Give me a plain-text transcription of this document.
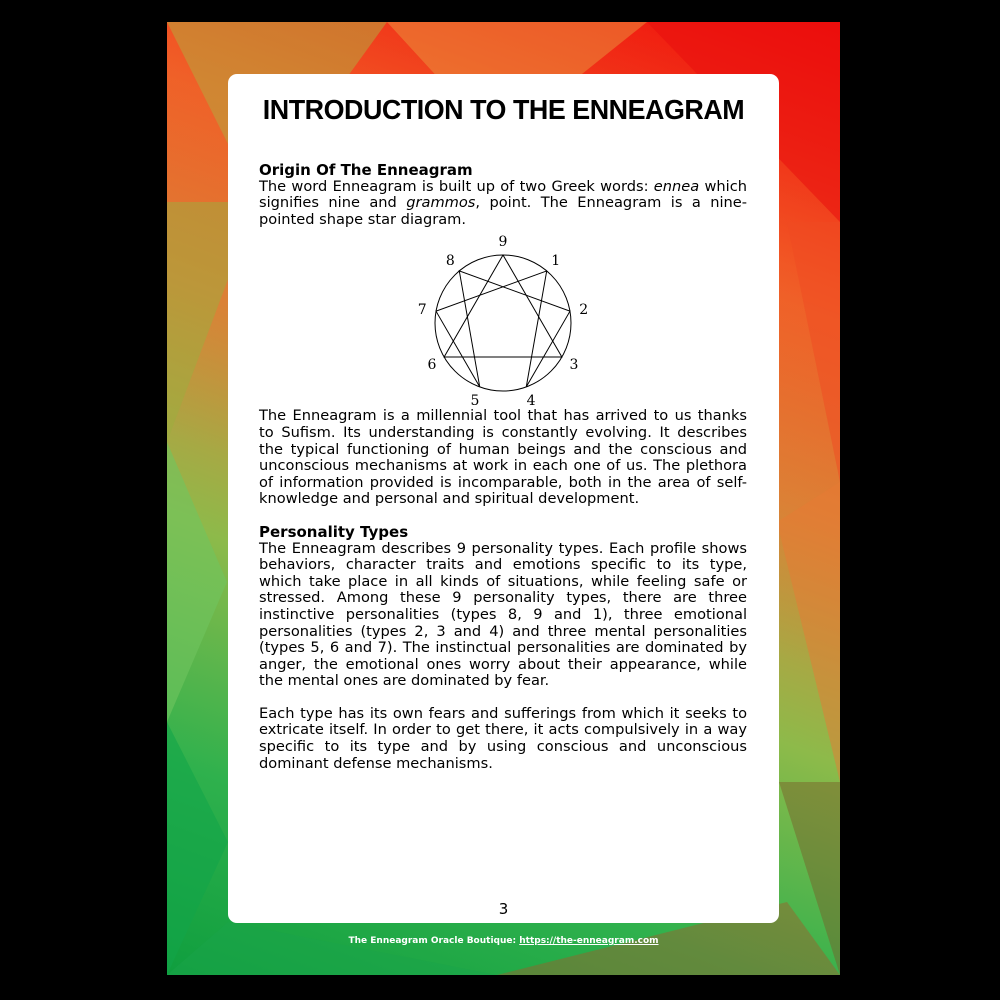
INTRODUCTION TO THE ENNEAGRAM
Origin Of The Enneagram

The word Enneagram is built up of two Greek words: ennea which signifies nine and grammos, point. The Enneagram is a nine-pointed shape star diagram.

9
1
2
3
4
5
6
7
8

The Enneagram is a millennial tool that has arrived to us thanks to Sufism. Its understanding is constantly evolving. It describes the typical functioning of human beings and the conscious and unconscious mechanisms at work in each one of us. The plethora of information provided is incomparable, both in the area of self-knowledge and personal and spiritual development.

Personality Types

The Enneagram describes 9 personality types. Each profile shows behaviors, character traits and emotions specific to its type, which take place in all kinds of situations, while feeling safe or stressed. Among these 9 personality types, there are three instinctive personalities (types 8, 9 and 1), three emotional personalities (types 2, 3 and 4) and three mental personalities (types 5, 6 and 7). The instinctual personalities are dominated by anger, the emotional ones worry about their appearance, while the mental ones are dominated by fear.

Each type has its own fears and sufferings from which it seeks to extricate itself. In order to get there, it acts compulsively in a way specific to its type and by using conscious and unconscious dominant defense mechanisms.

3
The Enneagram Oracle Boutique: https://the-enneagram.com
